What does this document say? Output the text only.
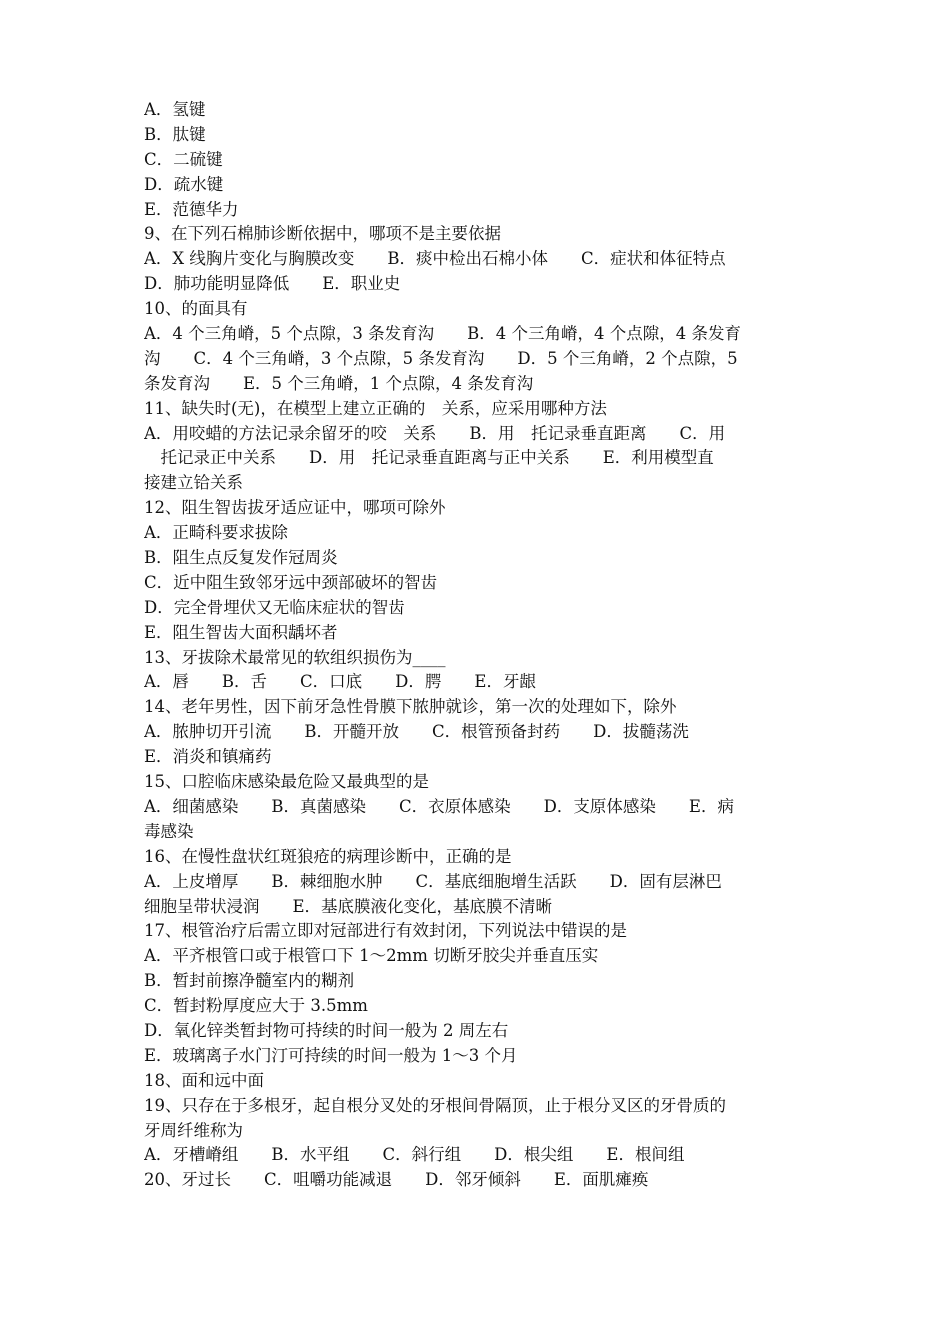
A．氢键
B．肽键
C．二硫键
D．疏水键
E．范德华力
9、在下列石棉肺诊断依据中，哪项不是主要依据
A．X 线胸片变化与胸膜改变　　B．痰中检出石棉小体　　C．症状和体征特点
D．肺功能明显降低　　E．职业史
10、的面具有
A．4 个三角嵴，5 个点隙，3 条发育沟　　B．4 个三角嵴，4 个点隙，4 条发育
沟　　C．4 个三角嵴，3 个点隙，5 条发育沟　　D．5 个三角嵴，2 个点隙，5
条发育沟　　E．5 个三角嵴，1 个点隙，4 条发育沟
11、缺失时(无)，在模型上建立正确的　关系，应采用哪种方法
A．用咬蜡的方法记录余留牙的咬　关系　　B．用　托记录垂直距离　　C．用
　托记录正中关系　　D．用　托记录垂直距离与正中关系　　E．利用模型直
接建立铪关系
12、阻生智齿拔牙适应证中，哪项可除外
A．正畸科要求拔除
B．阻生点反复发作冠周炎
C．近中阻生致邻牙远中颈部破坏的智齿
D．完全骨埋伏又无临床症状的智齿
E．阻生智齿大面积龋坏者
13、牙拔除术最常见的软组织损伤为____
A．唇　　B．舌　　C．口底　　D．腭　　E．牙龈
14、老年男性，因下前牙急性骨膜下脓肿就诊，第一次的处理如下，除外
A．脓肿切开引流　　B．开髓开放　　C．根管预备封药　　D．拔髓荡洗
E．消炎和镇痛药
15、口腔临床感染最危险又最典型的是
A．细菌感染　　B．真菌感染　　C．衣原体感染　　D．支原体感染　　E．病
毒感染
16、在慢性盘状红斑狼疮的病理诊断中，正确的是
A．上皮增厚　　B．棘细胞水肿　　C．基底细胞增生活跃　　D．固有层淋巴
细胞呈带状浸润　　E．基底膜液化变化，基底膜不清晰
17、根管治疗后需立即对冠部进行有效封闭，下列说法中错误的是
A．平齐根管口或于根管口下 1～2mm 切断牙胶尖并垂直压实
B．暂封前擦净髓室内的糊剂
C．暂封粉厚度应大于 3.5mm
D．氧化锌类暂封物可持续的时间一般为 2 周左右
E．玻璃离子水门汀可持续的时间一般为 1～3 个月
18、面和远中面
19、只存在于多根牙，起自根分叉处的牙根间骨隔顶，止于根分叉区的牙骨质的
牙周纤维称为
A．牙槽嵴组　　B．水平组　　C．斜行组　　D．根尖组　　E．根间组
20、牙过长　　C．咀嚼功能减退　　D．邻牙倾斜　　E．面肌瘫痪
